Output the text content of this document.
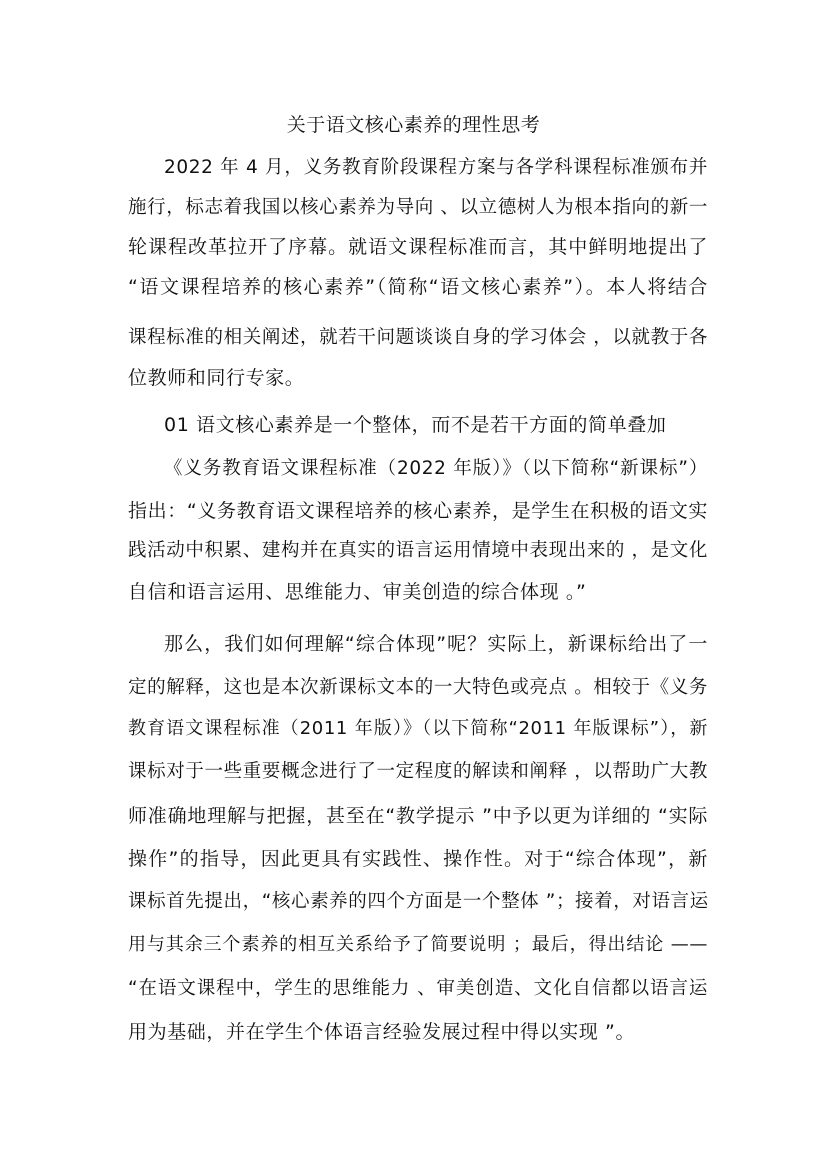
关于语文核心素养的理性思考
2022 年 4 月，义务教育阶段课程方案与各学科课程标准颁布并
施行，标志着我国以核心素养为导向 、以立德树人为根本指向的新一
轮课程改革拉开了序幕。就语文课程标准而言，其中鲜明地提出了
“语文课程培养的核心素养”（简称“语文核心素养”）。本人将结合
课程标准的相关阐述，就若干问题谈谈自身的学习体会 ，以就教于各
位教师和同行专家。
01 语文核心素养是一个整体，而不是若干方面的简单叠加
《义务教育语文课程标准（2022 年版）》（以下简称“新课标”）
指出：“义务教育语文课程培养的核心素养，是学生在积极的语文实
践活动中积累、建构并在真实的语言运用情境中表现出来的 ，是文化
自信和语言运用、思维能力、审美创造的综合体现 。”
那么，我们如何理解“综合体现”呢？实际上，新课标给出了一
定的解释，这也是本次新课标文本的一大特色或亮点 。相较于《义务
教育语文课程标准（2011 年版）》（以下简称“2011 年版课标”），新
课标对于一些重要概念进行了一定程度的解读和阐释 ，以帮助广大教
师准确地理解与把握，甚至在“教学提示 ”中予以更为详细的 “实际
操作”的指导，因此更具有实践性、操作性。对于“综合体现”，新
课标首先提出，“核心素养的四个方面是一个整体 ”；接着，对语言运
用与其余三个素养的相互关系给予了简要说明 ；最后，得出结论 ——
“在语文课程中，学生的思维能力 、审美创造、文化自信都以语言运
用为基础，并在学生个体语言经验发展过程中得以实现 ”。
